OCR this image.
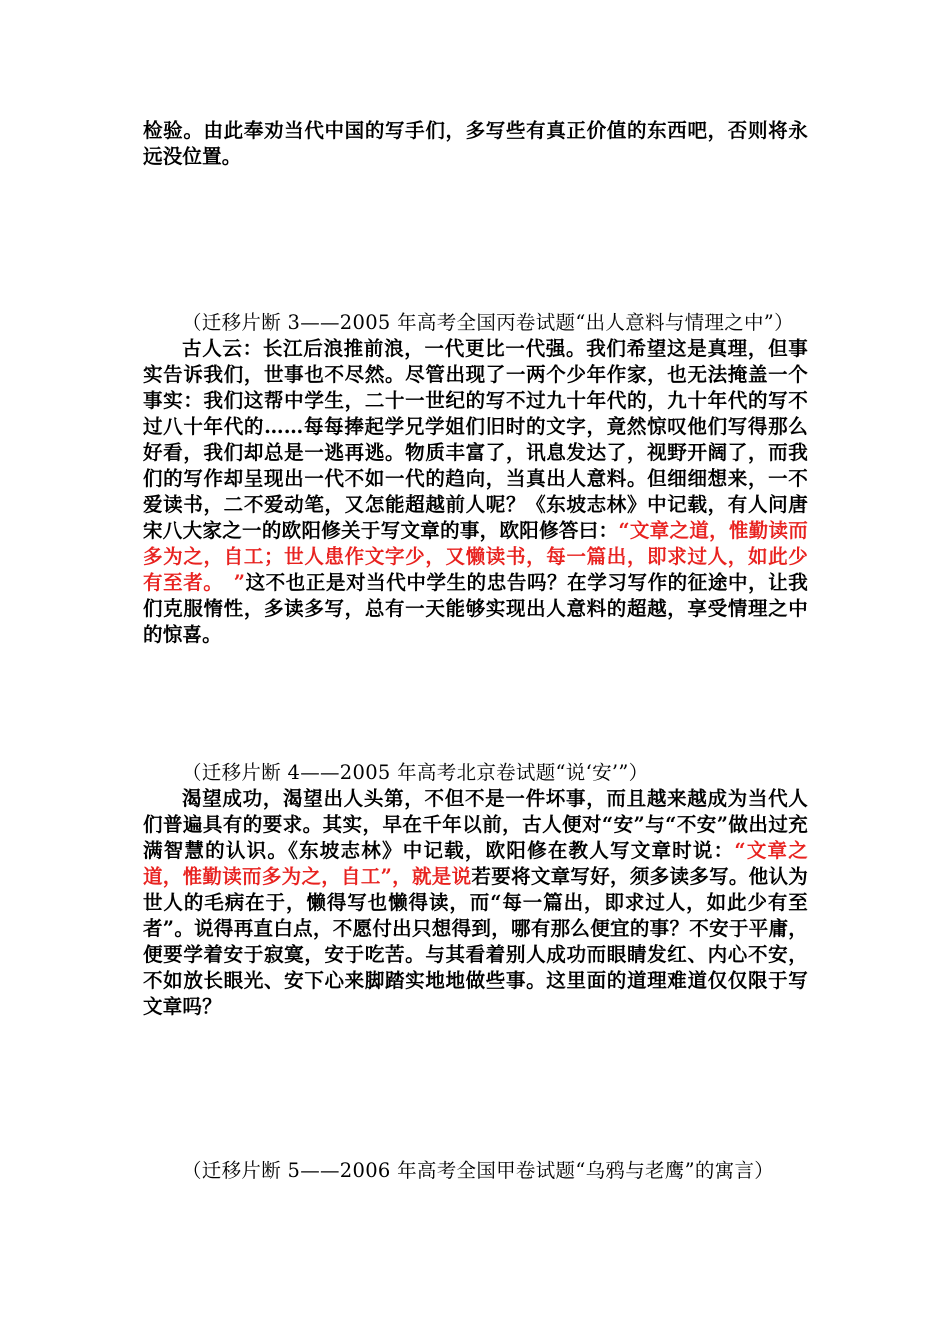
检验。由此奉劝当代中国的写手们，多写些有真正价值的东西吧，否则将永远没位置。

（迁移片断 3——2005 年高考全国丙卷试题“出人意料与情理之中”）

古人云：长江后浪推前浪，一代更比一代强。我们希望这是真理，但事实告诉我们，世事也不尽然。尽管出现了一两个少年作家，也无法掩盖一个事实：我们这帮中学生，二十一世纪的写不过九十年代的，九十年代的写不过八十年代的……每每捧起学兄学姐们旧时的文字，竟然惊叹他们写得那么好看，我们却总是一逃再逃。物质丰富了，讯息发达了，视野开阔了，而我们的写作却呈现出一代不如一代的趋向，当真出人意料。但细细想来，一不爱读书，二不爱动笔，又怎能超越前人呢？《东坡志林》中记载，有人问唐宋八大家之一的欧阳修关于写文章的事，欧阳修答曰：“文章之道，惟勤读而多为之，自工；世人患作文字少，又懒读书，每一篇出，即求过人，如此少有至者。　”这不也正是对当代中学生的忠告吗？在学习写作的征途中，让我们克服惰性，多读多写，总有一天能够实现出人意料的超越，享受情理之中的惊喜。

（迁移片断 4——2005 年高考北京卷试题“说‘安’”）

渴望成功，渴望出人头第，不但不是一件坏事，而且越来越成为当代人们普遍具有的要求。其实，早在千年以前，古人便对“安”与“不安”做出过充满智慧的认识。《东坡志林》中记载，欧阳修在教人写文章时说：“文章之道，惟勤读而多为之，自工”，就是说若要将文章写好，须多读多写。他认为世人的毛病在于，懒得写也懒得读，而“每一篇出，即求过人，如此少有至者”。说得再直白点，不愿付出只想得到，哪有那么便宜的事？不安于平庸，便要学着安于寂寞，安于吃苦。与其看着别人成功而眼睛发红、内心不安，不如放长眼光、安下心来脚踏实地地做些事。这里面的道理难道仅仅限于写文章吗？

（迁移片断 5——2006 年高考全国甲卷试题“乌鸦与老鹰”的寓言）
